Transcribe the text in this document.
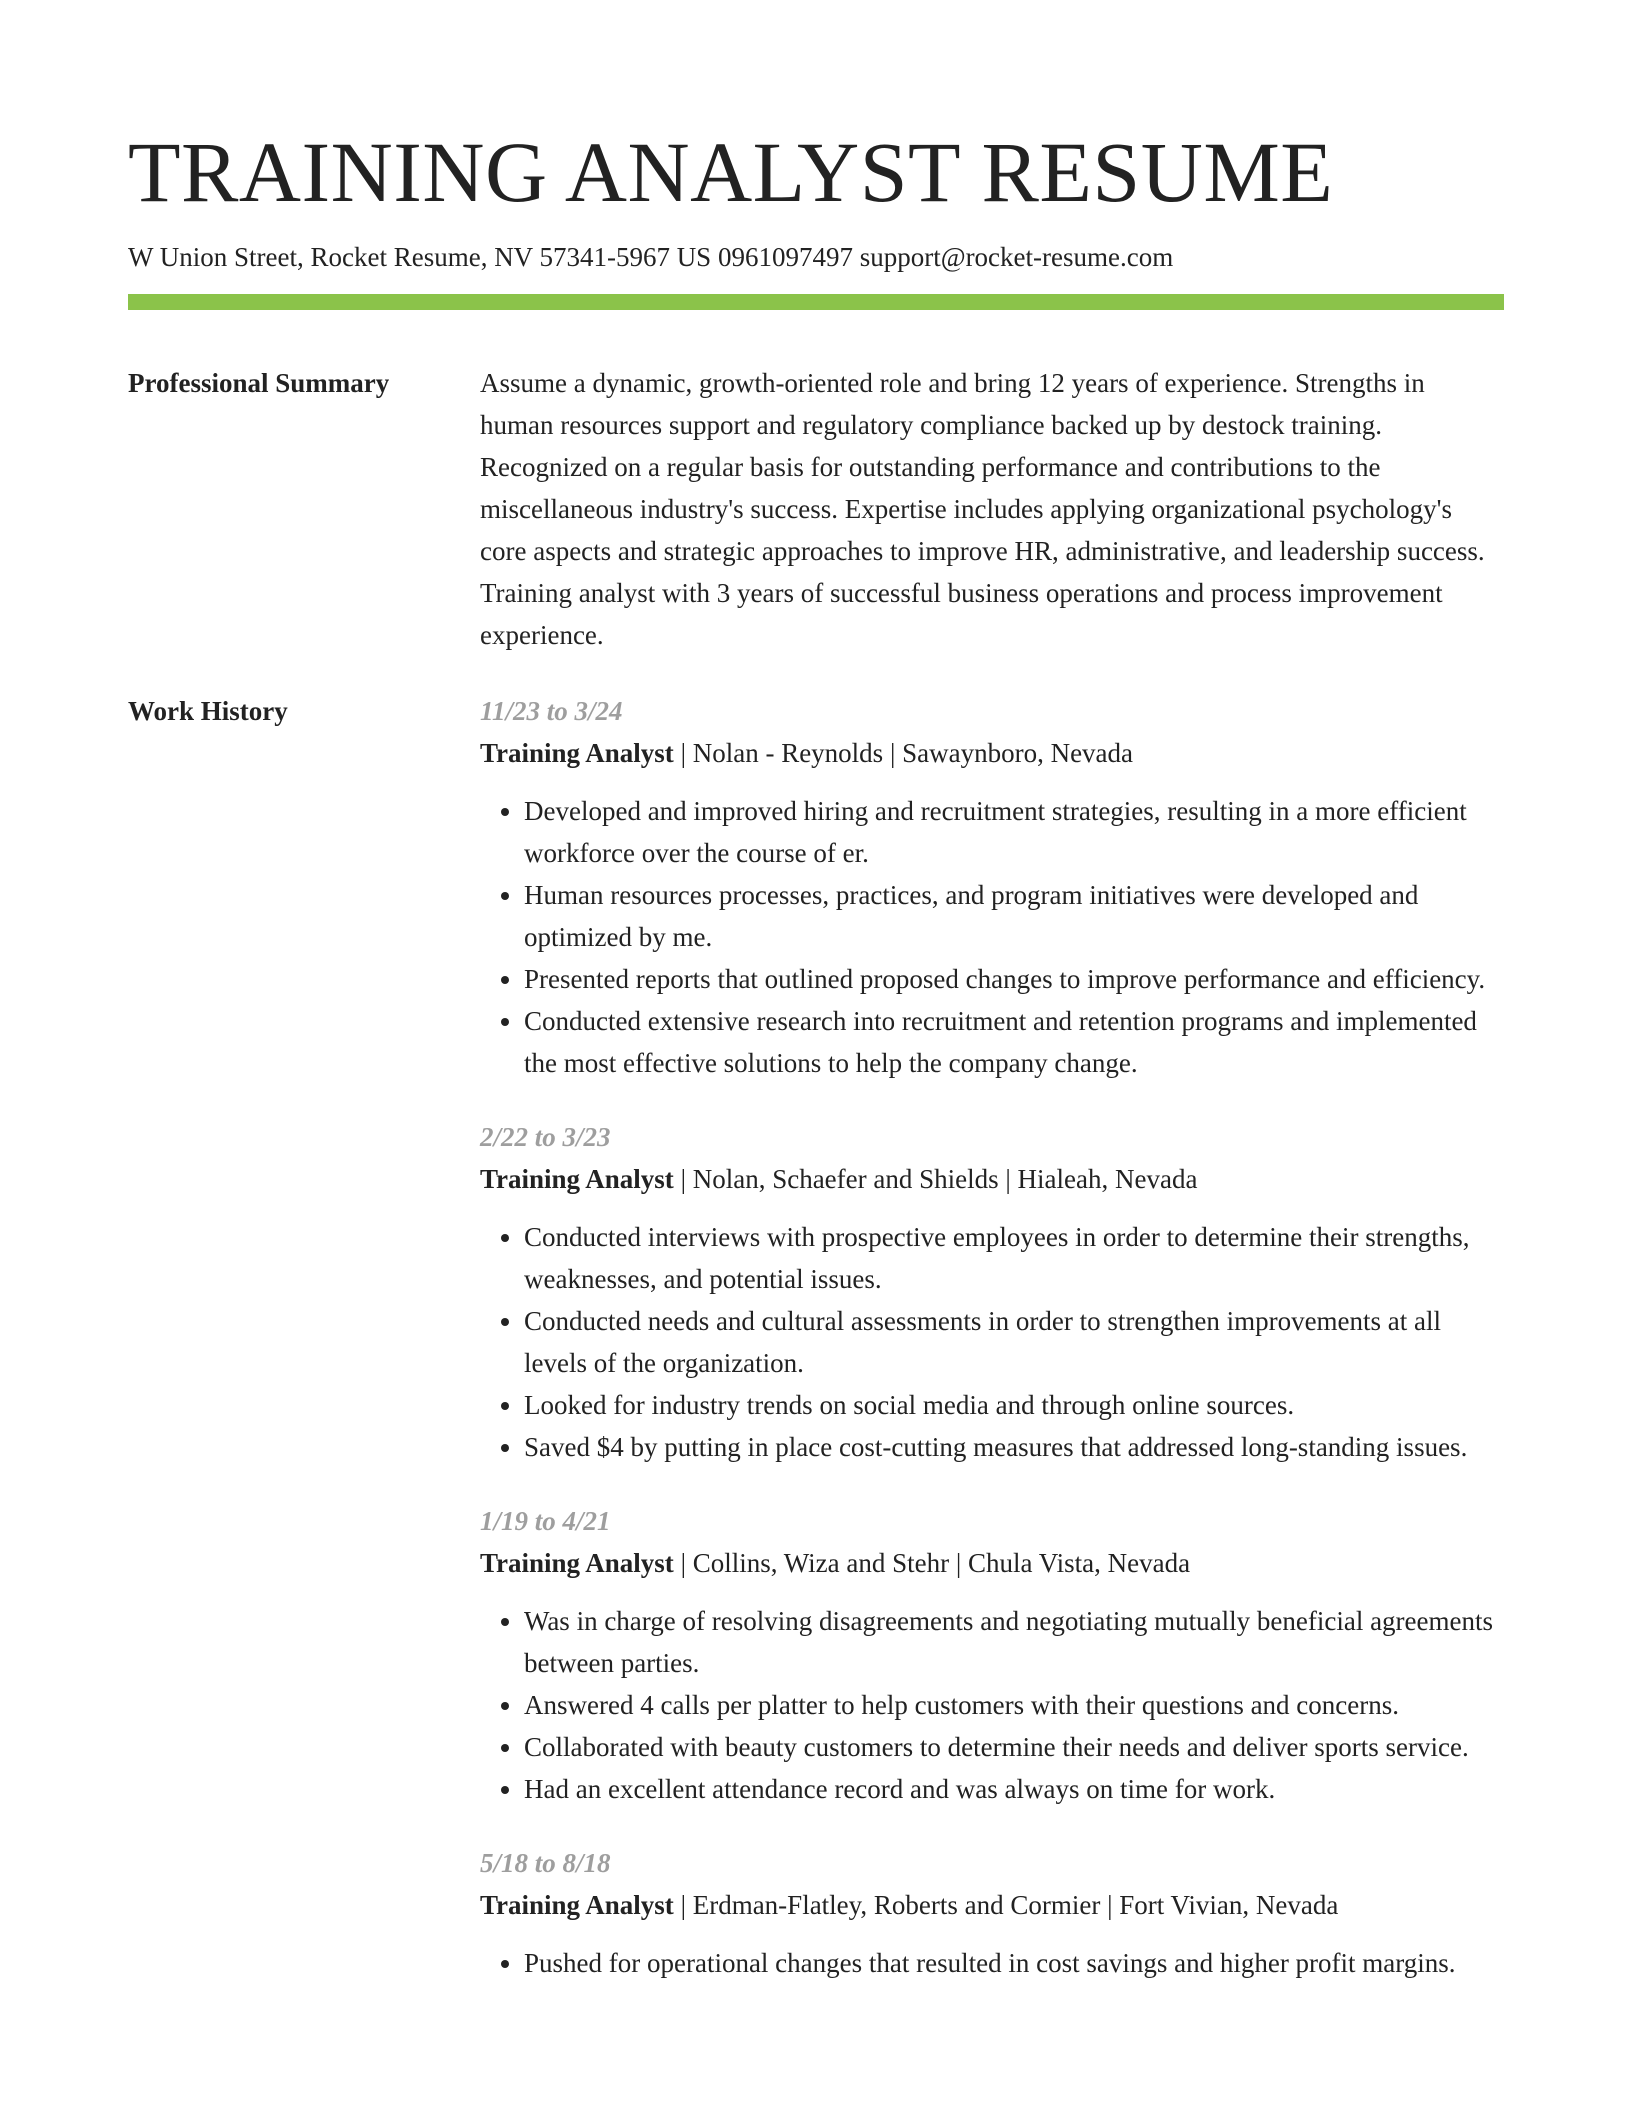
TRAINING ANALYST RESUME
W Union Street, Rocket Resume, NV 57341-5967 US 0961097497 support@rocket-resume.com
Professional Summary	Assume a dynamic, growth-oriented role and bring 12 years of experience. Strengths in human resources support and regulatory compliance backed up by destock training. Recognized on a regular basis for outstanding performance and contributions to the miscellaneous industry's success. Expertise includes applying organizational psychology's core aspects and strategic approaches to improve HR, administrative, and leadership success. Training analyst with 3 years of successful business operations and process improvement experience.

Work History	11/23 to 3/24
Training Analyst | Nolan - Reynolds | Sawaynboro, Nevada
• Developed and improved hiring and recruitment strategies, resulting in a more efficient workforce over the course of er.
• Human resources processes, practices, and program initiatives were developed and optimized by me.
• Presented reports that outlined proposed changes to improve performance and efficiency.
• Conducted extensive research into recruitment and retention programs and implemented the most effective solutions to help the company change.
2/22 to 3/23
Training Analyst | Nolan, Schaefer and Shields | Hialeah, Nevada
• Conducted interviews with prospective employees in order to determine their strengths, weaknesses, and potential issues.
• Conducted needs and cultural assessments in order to strengthen improvements at all levels of the organization.
• Looked for industry trends on social media and through online sources.
• Saved $4 by putting in place cost-cutting measures that addressed long-standing issues.
1/19 to 4/21
Training Analyst | Collins, Wiza and Stehr | Chula Vista, Nevada
• Was in charge of resolving disagreements and negotiating mutually beneficial agreements between parties.
• Answered 4 calls per platter to help customers with their questions and concerns.
• Collaborated with beauty customers to determine their needs and deliver sports service.
• Had an excellent attendance record and was always on time for work.
5/18 to 8/18
Training Analyst | Erdman-Flatley, Roberts and Cormier | Fort Vivian, Nevada
• Pushed for operational changes that resulted in cost savings and higher profit margins.
